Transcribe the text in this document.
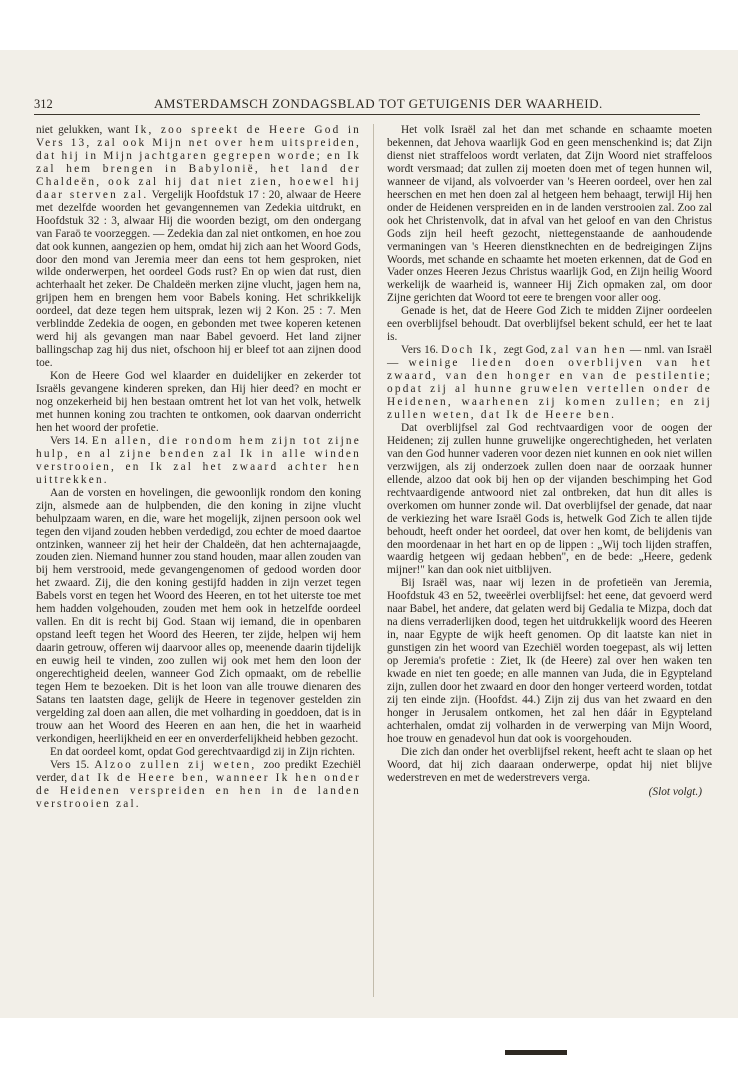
312	AMSTERDAMSCH ZONDAGSBLAD TOT GETUIGENIS DER WAARHEID.

niet gelukken, want Ik, zoo spreekt de Heere God in Vers 13, zal ook Mijn net over hem uitspreiden, dat hij in Mijn jachtgaren gegrepen worde; en Ik zal hem brengen in Babylonië, het land der Chaldeën, ook zal hij dat niet zien, hoewel hij daar sterven zal. Vergelijk Hoofdstuk 17 : 20, alwaar de Heere met dezelfde woorden het gevangennemen van Zedekia uitdrukt, en Hoofdstuk 32 : 3, alwaar Hij die woorden bezigt, om den ondergang van Faraö te voorzeggen. — Zedekia dan zal niet ontkomen, en hoe zou dat ook kunnen, aangezien op hem, omdat hij zich aan het Woord Gods, door den mond van Jeremia meer dan eens tot hem gesproken, niet wilde onderwerpen, het oordeel Gods rust? En op wien dat rust, dien achterhaalt het zeker. De Chaldeën merken zijne vlucht, jagen hem na, grijpen hem en brengen hem voor Babels koning. Het schrikkelijk oordeel, dat deze tegen hem uitsprak, lezen wij 2 Kon. 25 : 7. Men verblindde Zedekia de oogen, en gebonden met twee koperen ketenen werd hij als gevangen man naar Babel gevoerd. Het land zijner ballingschap zag hij dus niet, ofschoon hij er bleef tot aan zijnen dood toe.

Kon de Heere God wel klaarder en duidelijker en zekerder tot Israëls gevangene kinderen spreken, dan Hij hier deed? en mocht er nog onzekerheid bij hen bestaan omtrent het lot van het volk, hetwelk met hunnen koning zou trachten te ontkomen, ook daarvan onderricht hen het woord der profetie.

Vers 14. En allen, die rondom hem zijn tot zijne hulp, en al zijne benden zal Ik in alle winden verstrooien, en Ik zal het zwaard achter hen uittrekken.

Aan de vorsten en hovelingen, die gewoonlijk rondom den koning zijn, alsmede aan de hulpbenden, die den koning in zijne vlucht behulpzaam waren, en die, ware het mogelijk, zijnen persoon ook wel tegen den vijand zouden hebben verdedigd, zou echter de moed daartoe ontzinken, wanneer zij het heir der Chaldeën, dat hen achternajaagde, zouden zien. Niemand hunner zou stand houden, maar allen zouden van bij hem verstrooid, mede gevangengenomen of gedood worden door het zwaard. Zij, die den koning gestijfd hadden in zijn verzet tegen Babels vorst en tegen het Woord des Heeren, en tot het uiterste toe met hem hadden volgehouden, zouden met hem ook in hetzelfde oordeel vallen. En dit is recht bij God. Staan wij iemand, die in openbaren opstand leeft tegen het Woord des Heeren, ter zijde, helpen wij hem daarin getrouw, offeren wij daarvoor alles op, meenende daarin tijdelijk en euwig heil te vinden, zoo zullen wij ook met hem den loon der ongerechtigheid deelen, wanneer God Zich opmaakt, om de rebellie tegen Hem te bezoeken. Dit is het loon van alle trouwe dienaren des Satans ten laatsten dage, gelijk de Heere in tegenover gestelden zin vergelding zal doen aan allen, die met volharding in goeddoen, dat is in trouw aan het Woord des Heeren en aan hen, die het in waarheid verkondigen, heerlijkheid en eer en onverderfelijkheid hebben gezocht.

En dat oordeel komt, opdat God gerechtvaardigd zij in Zijn richten.

Vers 15. Alzoo zullen zij weten, zoo predikt Ezechiël verder, dat Ik de Heere ben, wanneer Ik hen onder de Heidenen verspreiden en hen in de landen verstrooien zal.

Het volk Israël zal het dan met schande en schaamte moeten bekennen, dat Jehova waarlijk God en geen menschenkind is; dat Zijn dienst niet straffeloos wordt verlaten, dat Zijn Woord niet straffeloos wordt versmaad; dat zullen zij moeten doen met of tegen hunnen wil, wanneer de vijand, als volvoerder van 's Heeren oordeel, over hen zal heerschen en met hen doen zal al hetgeen hem behaagt, terwijl Hij hen onder de Heidenen verspreiden en in de landen verstrooien zal. Zoo zal ook het Christenvolk, dat in afval van het geloof en van den Christus Gods zijn heil heeft gezocht, niettegenstaande de aanhoudende vermaningen van 's Heeren dienstknechten en de bedreigingen Zijns Woords, met schande en schaamte het moeten erkennen, dat de God en Vader onzes Heeren Jezus Christus waarlijk God, en Zijn heilig Woord werkelijk de waarheid is, wanneer Hij Zich opmaken zal, om door Zijne gerichten dat Woord tot eere te brengen voor aller oog.

Genade is het, dat de Heere God Zich te midden Zijner oordeelen een overblijfsel behoudt. Dat overblijfsel bekent schuld, eer het te laat is.

Vers 16. Doch Ik, zegt God, zal van hen — nml. van Israël — weinige lieden doen overblijven van het zwaard, van den honger en van de pestilentie; opdat zij al hunne gruwelen vertellen onder de Heidenen, waarhenen zij komen zullen; en zij zullen weten, dat Ik de Heere ben.

Dat overblijfsel zal God rechtvaardigen voor de oogen der Heidenen; zij zullen hunne gruwelijke ongerechtigheden, het verlaten van den God hunner vaderen voor dezen niet kunnen en ook niet willen verzwijgen, als zij onderzoek zullen doen naar de oorzaak hunner ellende, alzoo dat ook bij hen op der vijanden beschimping het God rechtvaardigende antwoord niet zal ontbreken, dat hun dit alles is overkomen om hunner zonde wil. Dat overblijfsel der genade, dat naar de verkiezing het ware Israël Gods is, hetwelk God Zich te allen tijde behoudt, heeft onder het oordeel, dat over hen komt, de belijdenis van den moordenaar in het hart en op de lippen : „Wij toch lijden straffen, waardig hetgeen wij gedaan hebben", en de bede: „Heere, gedenk mijner!" kan dan ook niet uitblijven.

Bij Israël was, naar wij lezen in de profetieën van Jeremia, Hoofdstuk 43 en 52, tweeërlei overblijfsel: het eene, dat gevoerd werd naar Babel, het andere, dat gelaten werd bij Gedalia te Mizpa, doch dat na diens verraderlijken dood, tegen het uitdrukkelijk woord des Heeren in, naar Egypte de wijk heeft genomen. Op dit laatste kan niet in gunstigen zin het woord van Ezechiël worden toegepast, als wij letten op Jeremia's profetie : Ziet, Ik (de Heere) zal over hen waken ten kwade en niet ten goede; en alle mannen van Juda, die in Egypteland zijn, zullen door het zwaard en door den honger verteerd worden, totdat zij ten einde zijn. (Hoofdst. 44.) Zijn zij dus van het zwaard en den honger in Jerusalem ontkomen, het zal hen dáár in Egypteland achterhalen, omdat zij volharden in de verwerping van Mijn Woord, hoe trouw en genadevol hun dat ook is voorgehouden.

Die zich dan onder het overblijfsel rekent, heeft acht te slaan op het Woord, dat hij zich daaraan onderwerpe, opdat hij niet blijve wederstreven en met de wederstrevers verga.

(Slot volgt.)
